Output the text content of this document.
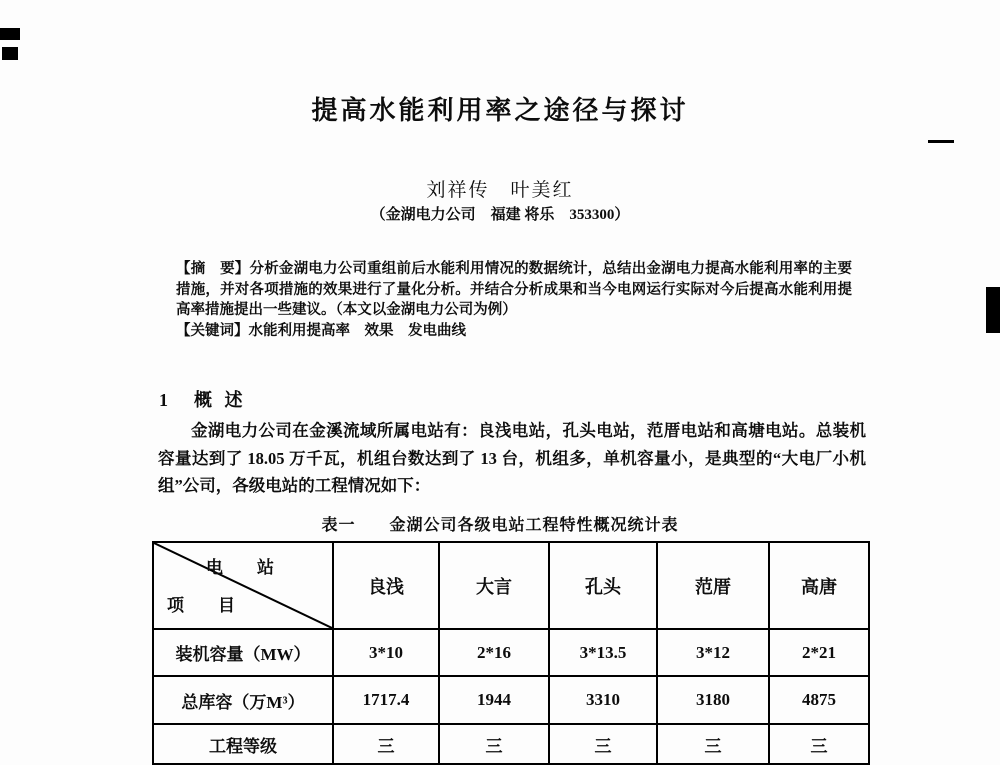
提高水能利用率之途径与探讨
刘祥传　叶美红
（金湖电力公司　福建 将乐　353300）

【摘　要】分析金湖电力公司重组前后水能利用情况的数据统计，总结出金湖电力提高水能利用率的主要措施，并对各项措施的效果进行了量化分析。并结合分析成果和当今电网运行实际对今后提高水能利用提高率措施提出一些建议。（本文以金湖电力公司为例）

【关键词】水能利用提高率　效果　发电曲线

1　概 述
金湖电力公司在金溪流域所属电站有：良浅电站，孔头电站，范厝电站和高塘电站。总装机容量达到了 18.05 万千瓦，机组台数达到了 13 台，机组多，单机容量小，是典型的“大电厂小机组”公司，各级电站的工程情况如下：
表一　　金湖公司各级电站工程特性概况统计表
电　　站
项　　目	良浅	大言	孔头	范厝	高唐
装机容量（MW）	3*10	2*16	3*13.5	3*12	2*21
总库容（万M³）	1717.4	1944	3310	3180	4875
工程等级	三	三	三	三	三
